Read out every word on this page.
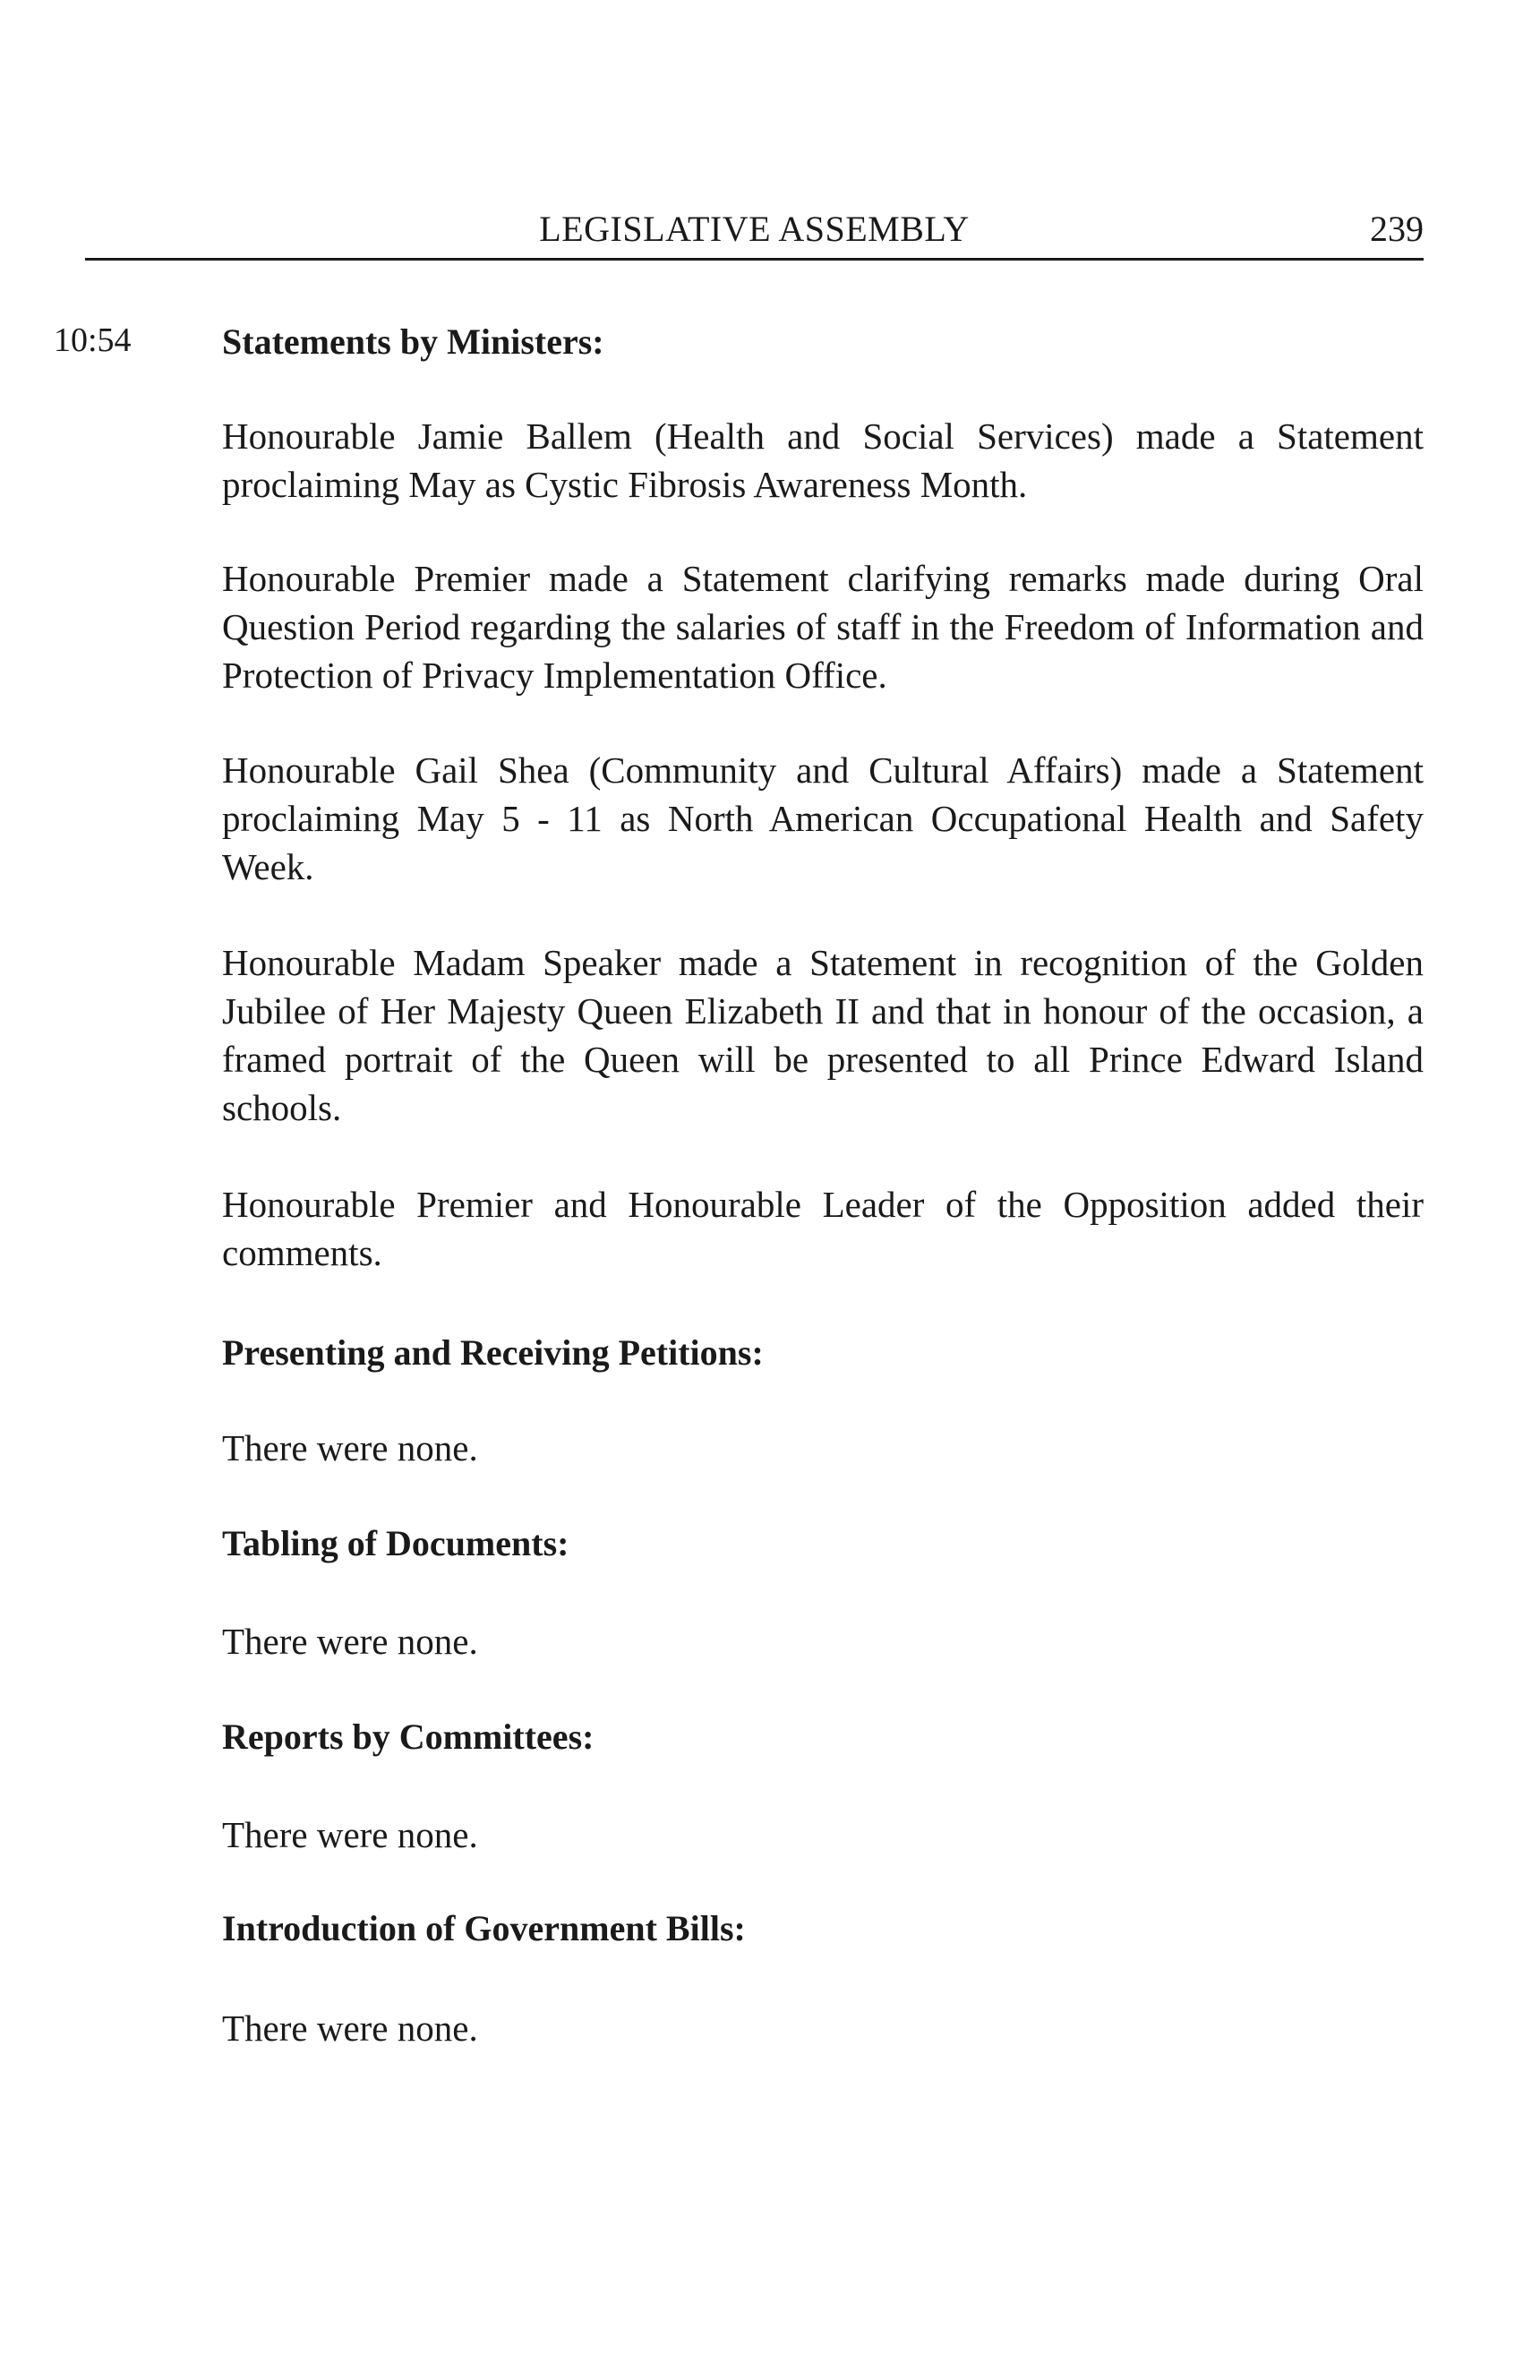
LEGISLATIVE ASSEMBLY	239
10:54	Statements by Ministers:

Honourable Jamie Ballem (Health and Social Services) made a Statement proclaiming May as Cystic Fibrosis Awareness Month.

Honourable Premier made a Statement clarifying remarks made during Oral Question Period regarding the salaries of staff in the Freedom of Information and Protection of Privacy Implementation Office.

Honourable Gail Shea (Community and Cultural Affairs) made a Statement proclaiming May 5 - 11 as North American Occupational Health and Safety Week.

Honourable Madam Speaker made a Statement in recognition of the Golden Jubilee of Her Majesty Queen Elizabeth II and that in honour of the occasion, a framed portrait of the Queen will be presented to all Prince Edward Island schools.

Honourable Premier and Honourable Leader of the Opposition added their comments.

Presenting and Receiving Petitions:

There were none.

Tabling of Documents:

There were none.

Reports by Committees:

There were none.

Introduction of Government Bills:

There were none.
